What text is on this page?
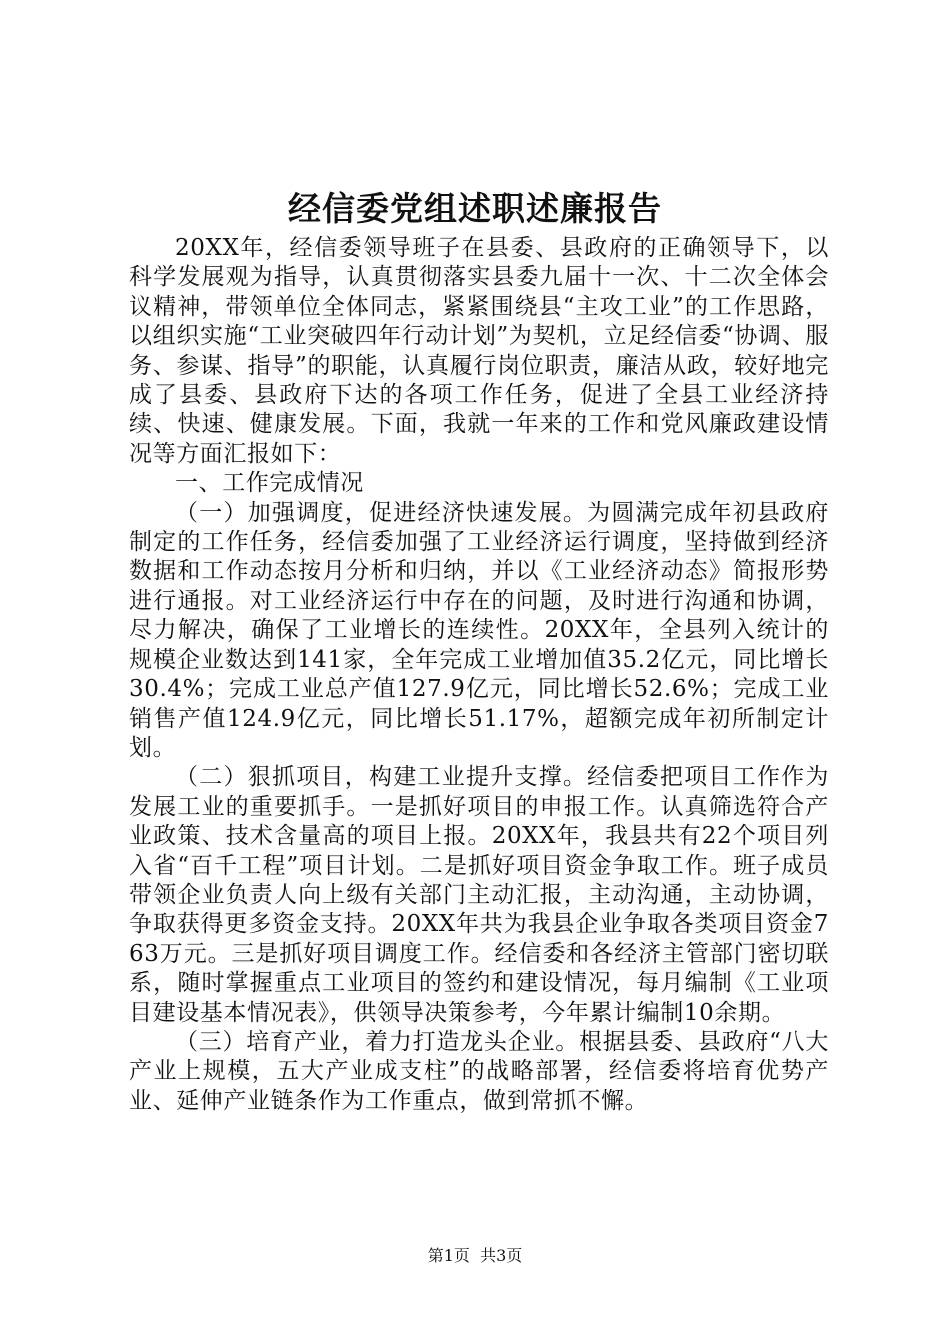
经信委党组述职述廉报告

20XX年，经信委领导班子在县委、县政府的正确领导下，以科学发展观为指导，认真贯彻落实县委九届十一次、十二次全体会议精神，带领单位全体同志，紧紧围绕县“主攻工业”的工作思路，以组织实施“工业突破四年行动计划”为契机，立足经信委“协调、服务、参谋、指导”的职能，认真履行岗位职责，廉洁从政，较好地完成了县委、县政府下达的各项工作任务，促进了全县工业经济持续、快速、健康发展。下面，我就一年来的工作和党风廉政建设情况等方面汇报如下：

一、工作完成情况

（一）加强调度，促进经济快速发展。为圆满完成年初县政府制定的工作任务，经信委加强了工业经济运行调度，坚持做到经济数据和工作动态按月分析和归纳，并以《工业经济动态》简报形势进行通报。对工业经济运行中存在的问题，及时进行沟通和协调，尽力解决，确保了工业增长的连续性。20XX年，全县列入统计的规模企业数达到141家，全年完成工业增加值35.2亿元，同比增长30.4%；完成工业总产值127.9亿元，同比增长52.6%；完成工业销售产值124.9亿元，同比增长51.17%，超额完成年初所制定计划。

（二）狠抓项目，构建工业提升支撑。经信委把项目工作作为发展工业的重要抓手。一是抓好项目的申报工作。认真筛选符合产业政策、技术含量高的项目上报。20XX年，我县共有22个项目列入省“百千工程”项目计划。二是抓好项目资金争取工作。班子成员带领企业负责人向上级有关部门主动汇报，主动沟通，主动协调，争取获得更多资金支持。20XX年共为我县企业争取各类项目资金763万元。三是抓好项目调度工作。经信委和各经济主管部门密切联系，随时掌握重点工业项目的签约和建设情况，每月编制《工业项目建设基本情况表》，供领导决策参考，今年累计编制10余期。

（三）培育产业，着力打造龙头企业。根据县委、县政府“八大产业上规模，五大产业成支柱”的战略部署，经信委将培育优势产业、延伸产业链条作为工作重点，做到常抓不懈。

第1页 共3页
